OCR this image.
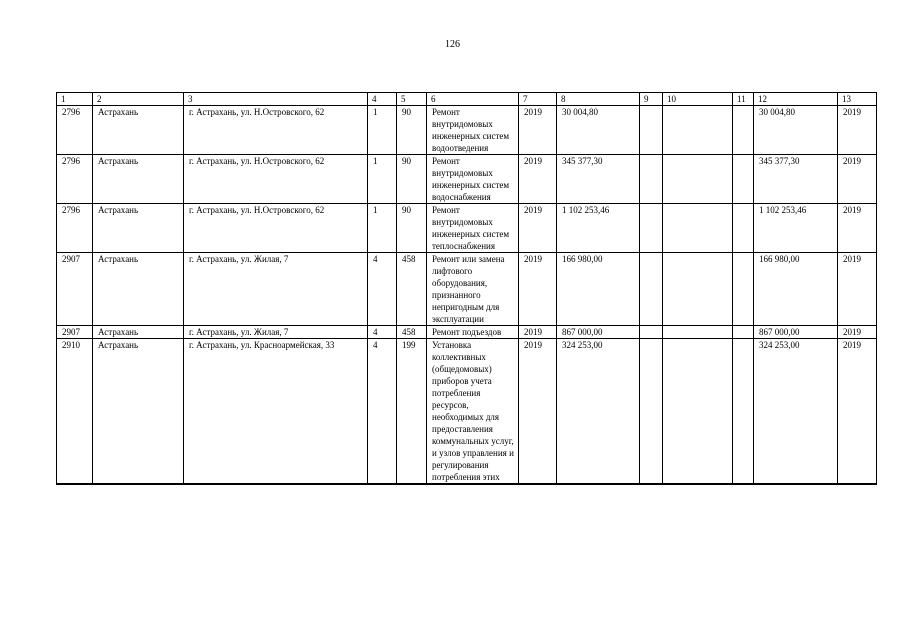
126
1	2	3	4	5	6	7	8	9	10	11	12	13
2796	Астрахань	г. Астрахань, ул. Н.Островского, 62	1	90	Ремонт внутридомовых инженерных систем водоотведения	2019	30 004,80				30 004,80	2019
2796	Астрахань	г. Астрахань, ул. Н.Островского, 62	1	90	Ремонт внутридомовых инженерных систем водоснабжения	2019	345 377,30				345 377,30	2019
2796	Астрахань	г. Астрахань, ул. Н.Островского, 62	1	90	Ремонт внутридомовых инженерных систем теплоснабжения	2019	1 102 253,46				1 102 253,46	2019
2907	Астрахань	г. Астрахань, ул. Жилая, 7	4	458	Ремонт или замена лифтового оборудования, признанного непригодным для эксплуатации	2019	166 980,00				166 980,00	2019
2907	Астрахань	г. Астрахань, ул. Жилая, 7	4	458	Ремонт подъездов	2019	867 000,00				867 000,00	2019
2910	Астрахань	г. Астрахань, ул. Красноармейская, 33	4	199	Установка коллективных (общедомовых) приборов учета потребления ресурсов, необходимых для предоставления коммунальных услуг, и узлов управления и регулирования потребления этих	2019	324 253,00				324 253,00	2019
